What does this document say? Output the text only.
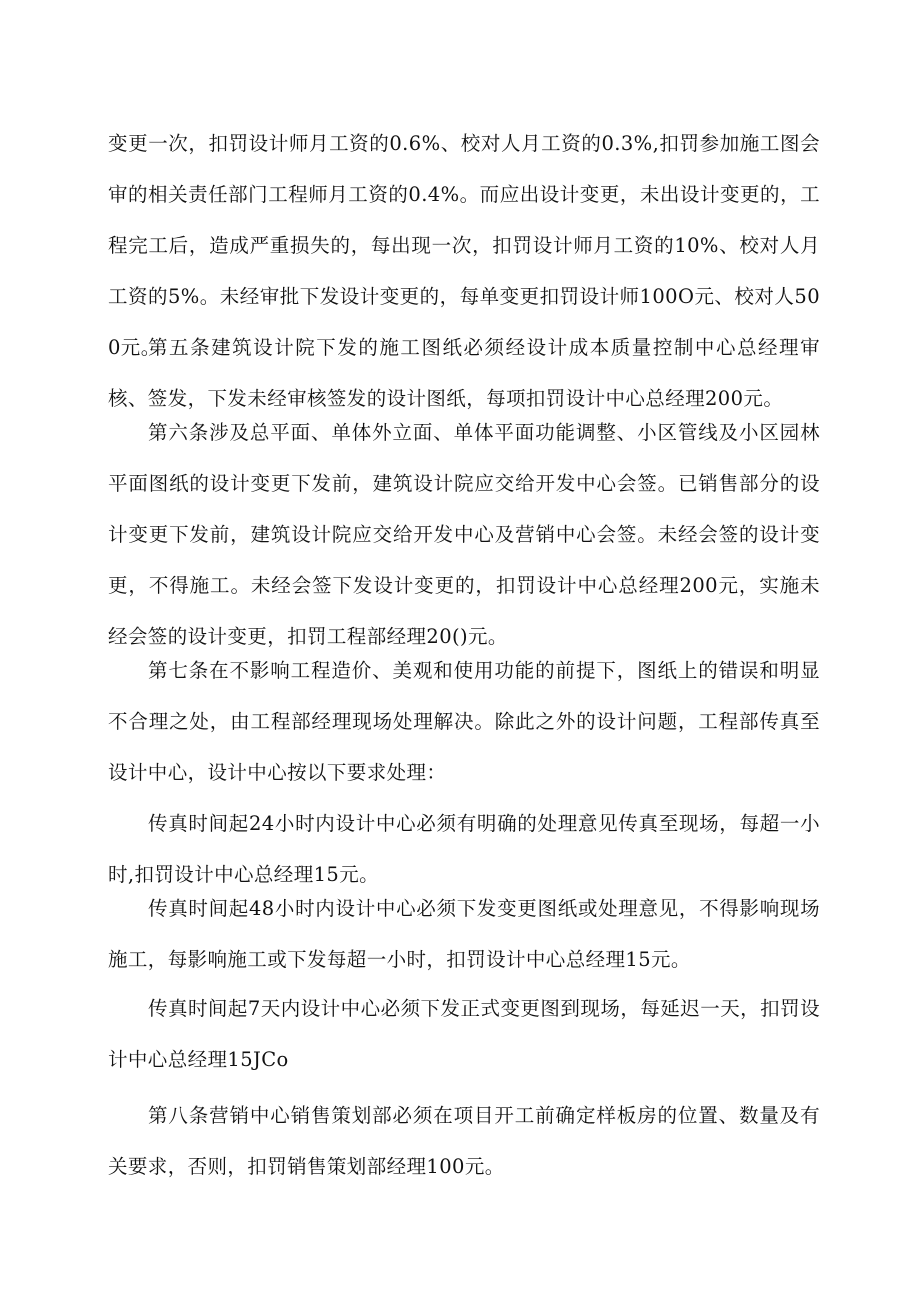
变更一次，扣罚设计师月工资的0.6%、校对人月工资的0.3%,扣罚参加施工图会审的相关责任部门工程师月工资的0.4%。而应出设计变更，未出设计变更的，工程完工后，造成严重损失的，每出现一次，扣罚设计师月工资的10%、校对人月工资的5%。未经审批下发设计变更的，每单变更扣罚设计师100O元、校对人500元。

第五条建筑设计院下发的施工图纸必须经设计成本质量控制中心总经理审核、签发，下发未经审核签发的设计图纸，每项扣罚设计中心总经理200元。

第六条涉及总平面、单体外立面、单体平面功能调整、小区管线及小区园林平面图纸的设计变更下发前，建筑设计院应交给开发中心会签。已销售部分的设计变更下发前，建筑设计院应交给开发中心及营销中心会签。未经会签的设计变更，不得施工。未经会签下发设计变更的，扣罚设计中心总经理200元，实施未经会签的设计变更，扣罚工程部经理20()元。

第七条在不影响工程造价、美观和使用功能的前提下，图纸上的错误和明显不合理之处，由工程部经理现场处理解决。除此之外的设计问题，工程部传真至设计中心，设计中心按以下要求处理：

传真时间起24小时内设计中心必须有明确的处理意见传真至现场，每超一小时,扣罚设计中心总经理15元。

传真时间起48小时内设计中心必须下发变更图纸或处理意见，不得影响现场施工，每影响施工或下发每超一小时，扣罚设计中心总经理15元。

传真时间起7天内设计中心必须下发正式变更图到现场，每延迟一天，扣罚设计中心总经理15JCo

第八条营销中心销售策划部必须在项目开工前确定样板房的位置、数量及有关要求，否则，扣罚销售策划部经理100元。
